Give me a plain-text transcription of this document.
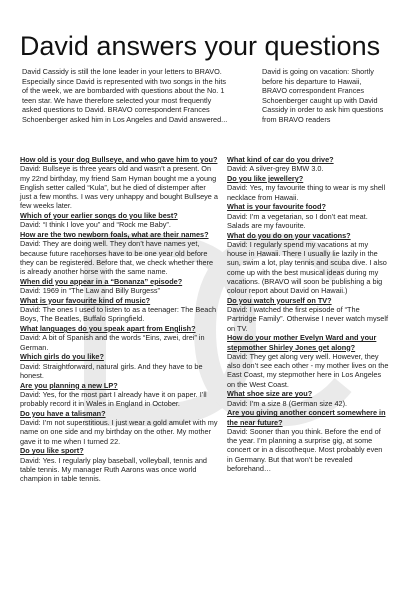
David answers your questions
David Cassidy is still the lone leader in your letters to BRAVO. Especially since David is represented with two songs in the hits of the week, we are bombarded with questions about the No. 1 teen star. We have therefore selected your most frequently asked questions to David. BRAVO correspondent Frances Schoenberger asked him in Los Angeles and David answered...
David is going on vacation: Shortly before his departure to Hawaii, BRAVO correspondent Frances Schoenberger caught up with David Cassidy in order to ask him questions from BRAVO readers
How old is your dog Bullseye, and who gave him to you?
David: Bullseye is three years old and wasn’t a present. On my 22nd birthday, my friend Sam Hyman bought me a young English setter called “Kula”, but he died of distemper after just a few months. I was very unhappy and bought Bullseye a few weeks later.
Which of your earlier songs do you like best?
David: “I think I love you” and “Rock me Baby”.
How are the two newborn foals, what are their names?
David: They are doing well. They don’t have names yet, because future racehorses have to be one year old before they can be registered. Before that, we check whether there is already another horse with the same name.
When did you appear in a “Bonanza” episode?
David: 1969 in “The Law and Billy Burgess”
What is your favourite kind of music?
David: The ones I used to listen to as a teenager: The Beach Boys, The Beatles, Buffalo Springfield.
What languages do you speak apart from English?
David: A bit of Spanish and the words “Eins, zwei, drei” in German.
Which girls do you like?
David: Straightforward, natural girls. And they have to be honest.
Are you planning a new LP?
David: Yes, for the most part I already have it on paper. I’ll probably record it in Wales in England in October.
Do you have a talisman?
David: I’m not superstitious. I just wear a gold amulet with my name on one side and my birthday on the other. My mother gave it to me when I turned 22.
Do you like sport?
David: Yes. I regularly play baseball, volleyball, tennis and table tennis. My manager Ruth Aarons was once world champion in table tennis.
What kind of car do you drive?
David: A silver-grey BMW 3.0.
Do you like jewellery?
David: Yes, my favourite thing to wear is my shell necklace from Hawaii.
What is your favourite food?
David: I’m a vegetarian, so I don’t eat meat. Salads are my favourite.
What do you do on your vacations?
David: I regularly spend my vacations at my house in Hawaii. There I usually lie lazily in the sun, swim a lot, play tennis and scuba dive. I also come up with the best musical ideas during my vacations. (BRAVO will soon be publishing a big colour report about David on Hawaii.)
Do you watch yourself on TV?
David: I watched the first episode of “The Partridge Family”. Otherwise I never watch myself on TV.
How do your mother Evelyn Ward and your stepmother Shirley Jones get along?
David: They get along very well. However, they also don’t see each other - my mother lives on the East Coast, my stepmother here in Los Angeles on the West Coast.
What shoe size are you?
David: I’m a size 8 (German size 42).
Are you giving another concert somewhere in the near future?
David: Sooner than you think. Before the end of the year. I’m planning a surprise gig, at some concert or in a discotheque. Most probably even in Germany. But that won’t be revealed beforehand…
